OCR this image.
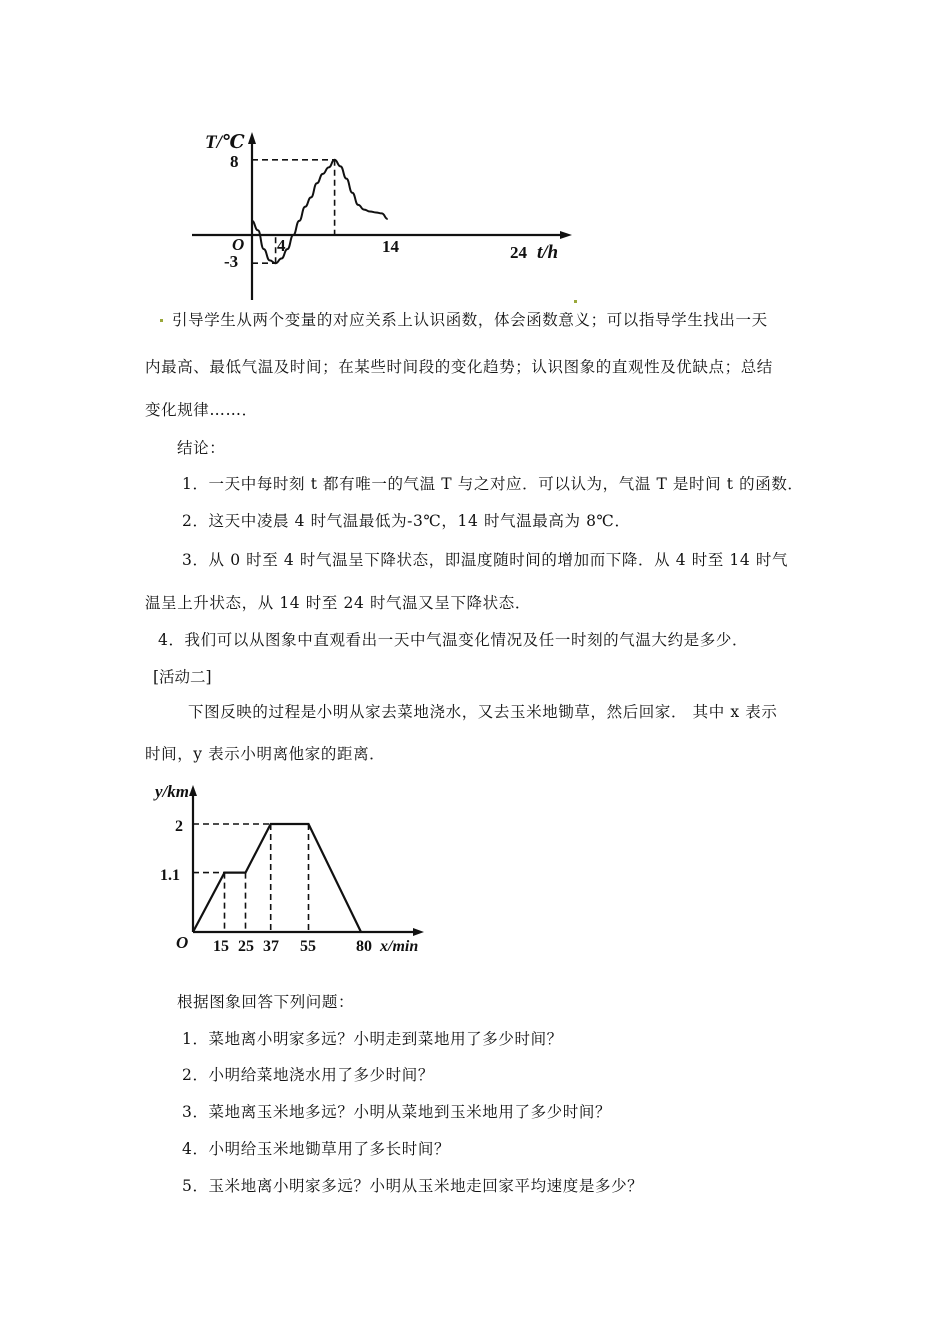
T/℃
t/h
O
8
-3
4	14	24
引导学生从两个变量的对应关系上认识函数，体会函数意义；可以指导学生找出一天
内最高、最低气温及时间；在某些时间段的变化趋势；认识图象的直观性及优缺点；总结
变化规律……．
结论：
1．一天中每时刻 t 都有唯一的气温 T 与之对应．可以认为，气温 T 是时间 t 的函数．
2．这天中凌晨 4 时气温最低为-3℃，14 时气温最高为 8℃．
3．从 0 时至 4 时气温呈下降状态，即温度随时间的增加而下降．从 4 时至 14 时气
温呈上升状态，从 14 时至 24 时气温又呈下降状态．
4．我们可以从图象中直观看出一天中气温变化情况及任一时刻的气温大约是多少．
[活动二]
下图反映的过程是小明从家去菜地浇水，又去玉米地锄草，然后回家． 其中 x 表示
时间，y 表示小明离他家的距离．
y/km
x/min
O
2
1.1
15 25 37 55	80
根据图象回答下列问题：
1．菜地离小明家多远？小明走到菜地用了多少时间？
2．小明给菜地浇水用了多少时间？
3．菜地离玉米地多远？小明从菜地到玉米地用了多少时间？
4．小明给玉米地锄草用了多长时间？
5．玉米地离小明家多远？小明从玉米地走回家平均速度是多少？
